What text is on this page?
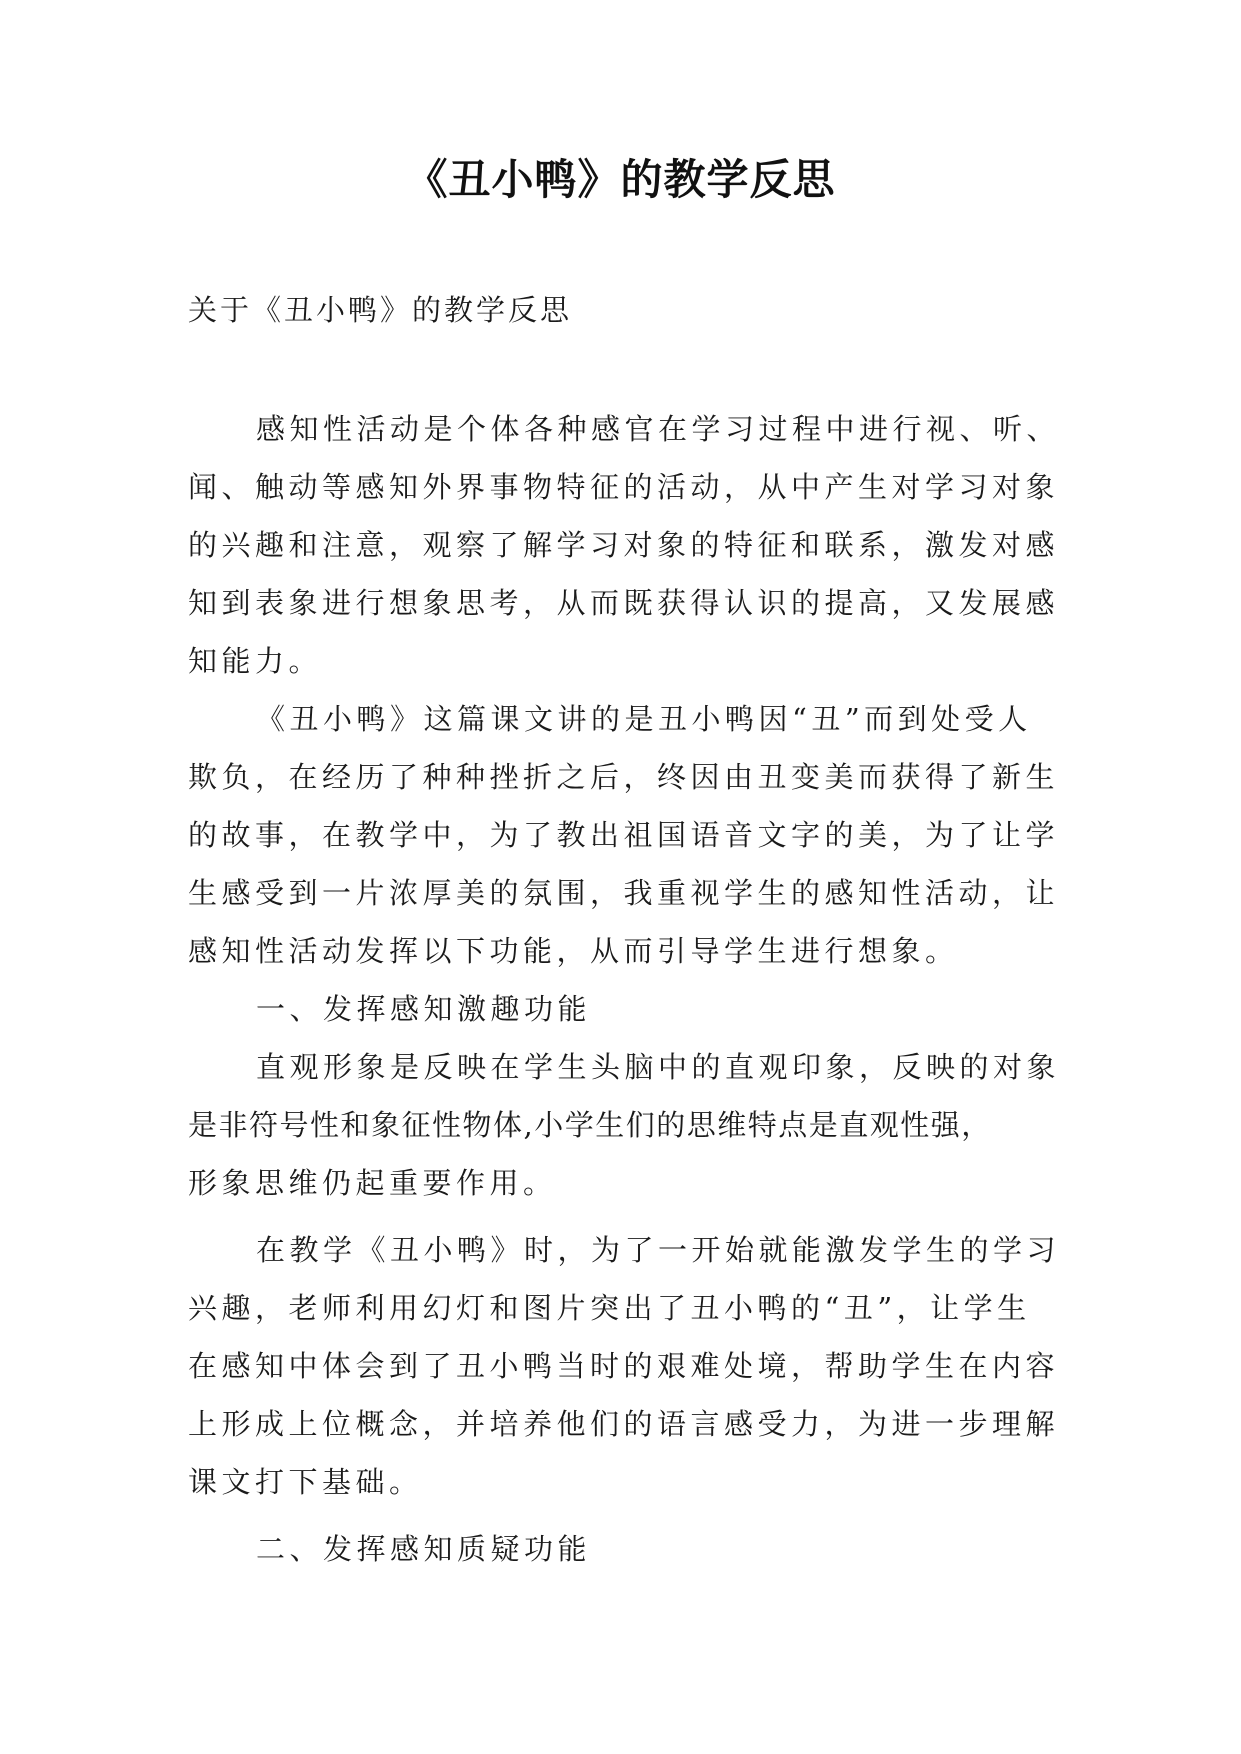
《丑小鸭》的教学反思
关于《丑小鸭》的教学反思
感知性活动是个体各种感官在学习过程中进行视、听、
闻、触动等感知外界事物特征的活动，从中产生对学习对象
的兴趣和注意，观察了解学习对象的特征和联系，激发对感
知到表象进行想象思考，从而既获得认识的提高，又发展感
知能力。
《丑小鸭》这篇课文讲的是丑小鸭因“丑”而到处受人
欺负，在经历了种种挫折之后，终因由丑变美而获得了新生
的故事，在教学中，为了教出祖国语音文字的美，为了让学
生感受到一片浓厚美的氛围，我重视学生的感知性活动，让
感知性活动发挥以下功能，从而引导学生进行想象。
一、发挥感知激趣功能
直观形象是反映在学生头脑中的直观印象，反映的对象
是非符号性和象征性物体,小学生们的思维特点是直观性强，
形象思维仍起重要作用。
在教学《丑小鸭》时，为了一开始就能激发学生的学习
兴趣，老师利用幻灯和图片突出了丑小鸭的“丑”，让学生
在感知中体会到了丑小鸭当时的艰难处境，帮助学生在内容
上形成上位概念，并培养他们的语言感受力，为进一步理解
课文打下基础。
二、发挥感知质疑功能
